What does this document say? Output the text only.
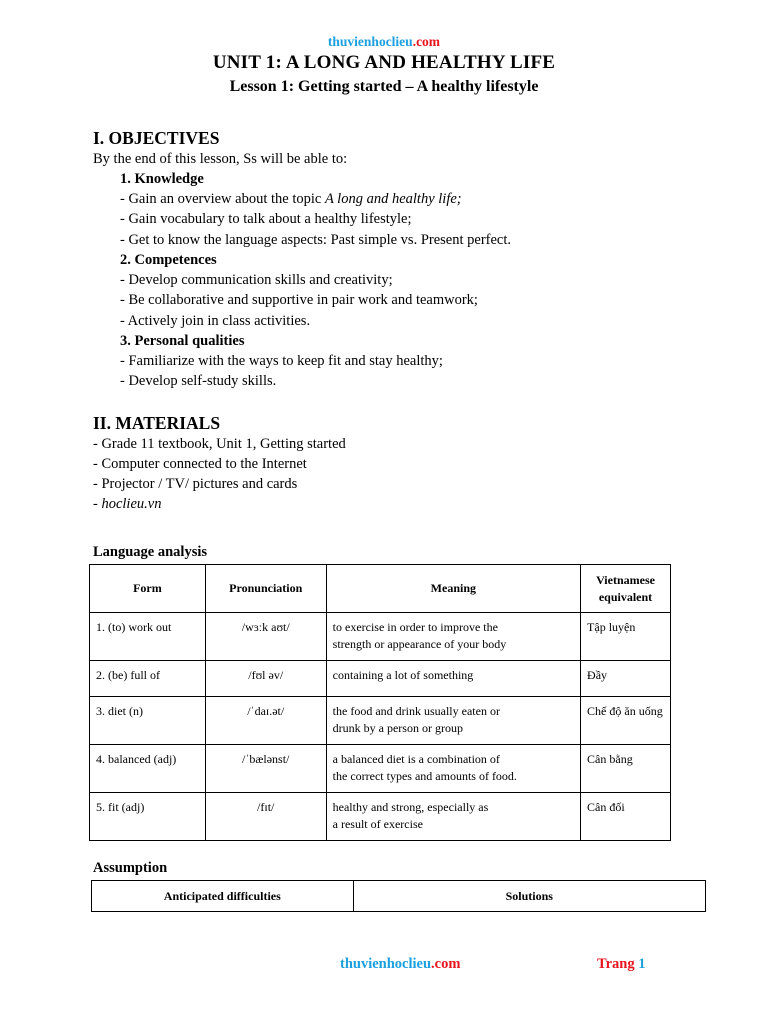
thuvienhoclieu.com
UNIT 1: A LONG AND HEALTHY LIFE
Lesson 1: Getting started – A healthy lifestyle
I. OBJECTIVES
By the end of this lesson, Ss will be able to:
1. Knowledge
- Gain an overview about the topic A long and healthy life;
- Gain vocabulary to talk about a healthy lifestyle;
- Get to know the language aspects: Past simple vs. Present perfect.
2. Competences
- Develop communication skills and creativity;
- Be collaborative and supportive in pair work and teamwork;
- Actively join in class activities.
3. Personal qualities
- Familiarize with the ways to keep fit and stay healthy;
- Develop self-study skills.
II. MATERIALS
- Grade 11 textbook, Unit 1, Getting started
- Computer connected to the Internet
- Projector / TV/ pictures and cards
- hoclieu.vn
Language analysis
Form	Pronunciation	Meaning	Vietnamese equivalent
1. (to) work out	/wɜːk aʊt/	to exercise in order to improve the
strength or appearance of your body	Tập luyện
2. (be) full of	/fʊl əv/	containing a lot of something	Đầy
3. diet (n)	/ˈdaɪ.ət/	the food and drink usually eaten or
drunk by a person or group	Chế độ ăn uống
4. balanced (adj)	/ˈbælənst/	a balanced diet is a combination of
the correct types and amounts of food.	Cân bằng
5. fit (adj)	/fɪt/	healthy and strong, especially as
a result of exercise	Cân đối
Assumption
Anticipated difficulties	Solutions
thuvienhoclieu.com	Trang 1
